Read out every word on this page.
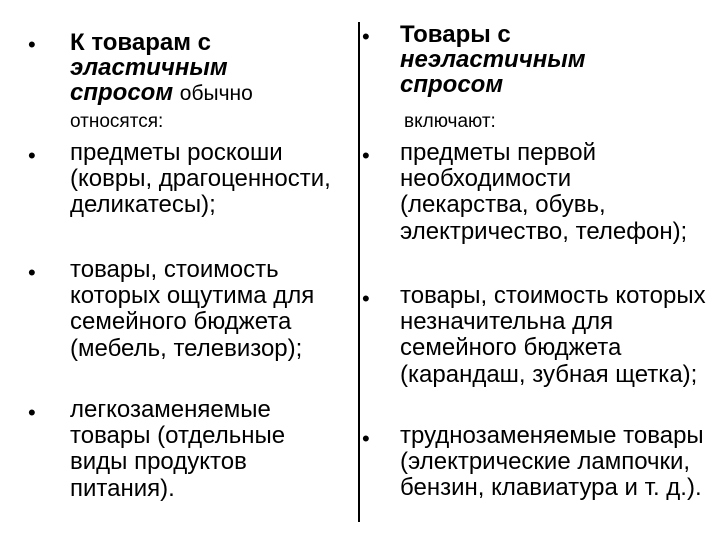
• К товарам с
эластичным
спросом обычно
относятся:
• предметы роскоши (ковры, драгоценности, деликатесы);
• товары, стоимость которых ощутима для семейного бюджета (мебель, телевизор);
• легкозаменяемые товары (отдельные виды продуктов питания).
• Товары с
неэластичным
спросом
включают:
• предметы первой необходимости (лекарства, обувь, электричество, телефон);
• товары, стоимость которых незначительна для семейного бюджета (карандаш, зубная щетка);
• труднозаменяемые товары (электрические лампочки, бензин, клавиатура и т. д.).
